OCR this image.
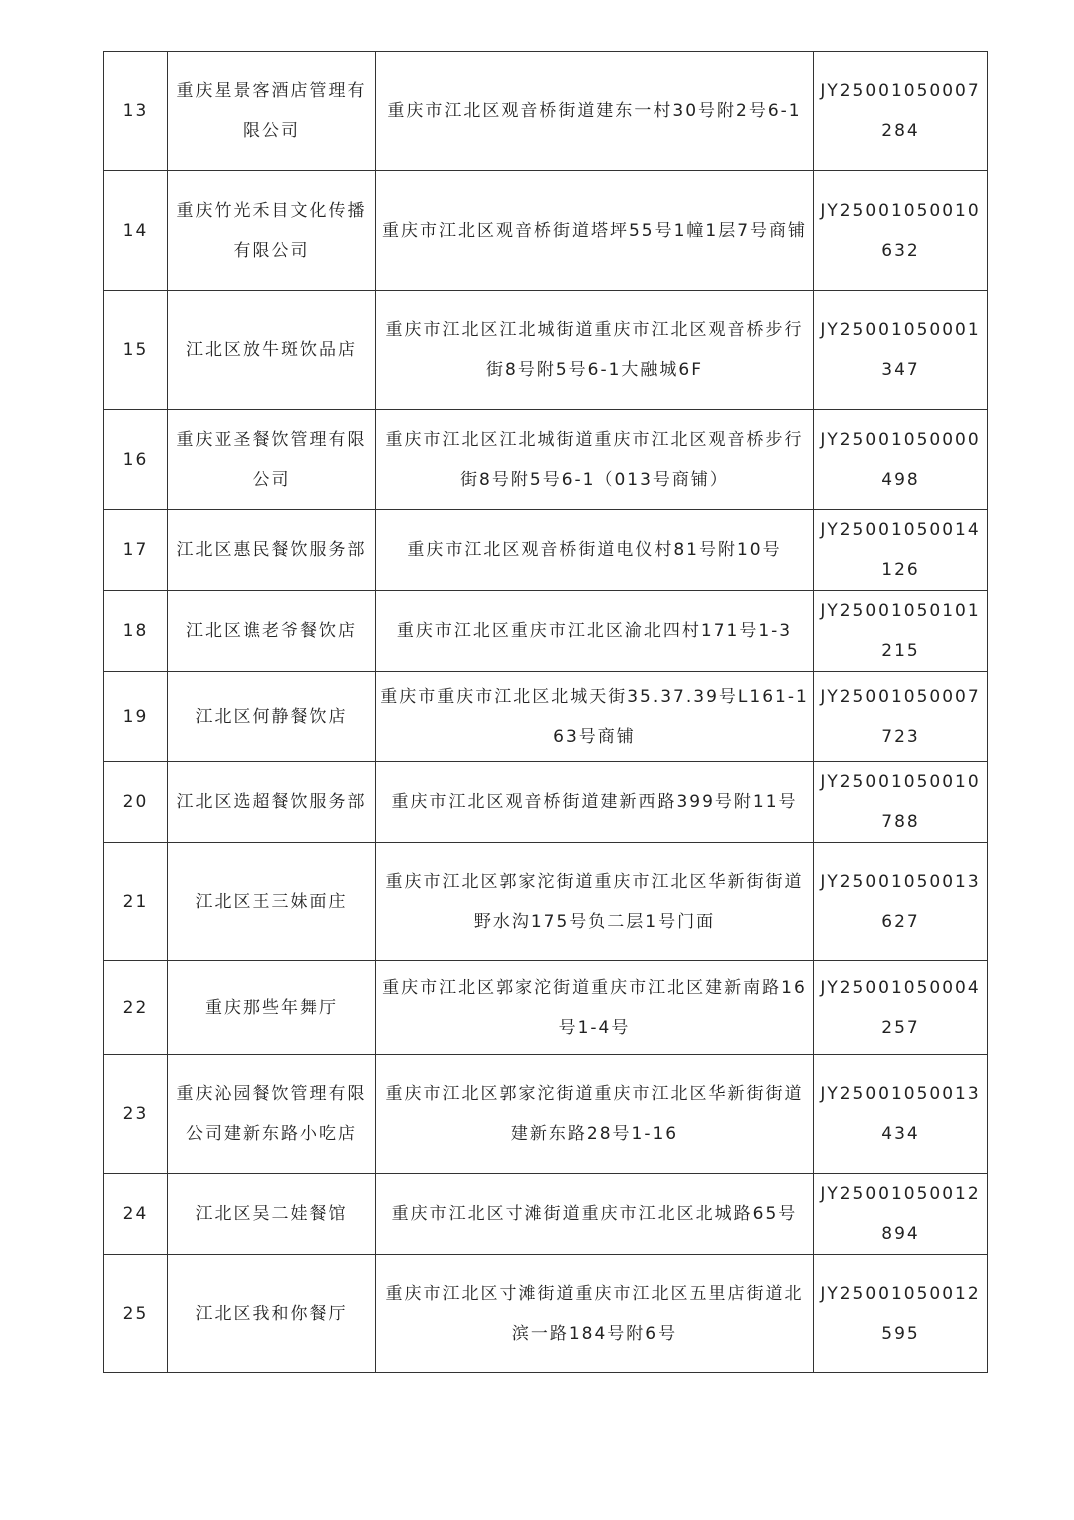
13	重庆星景客酒店管理有限公司	重庆市江北区观音桥街道建东一村30号附2号6-1	JY25001050007284
14	重庆竹光禾目文化传播有限公司	重庆市江北区观音桥街道塔坪55号1幢1层7号商铺	JY25001050010632
15	江北区放牛斑饮品店	重庆市江北区江北城街道重庆市江北区观音桥步行街8号附5号6-1大融城6F	JY25001050001347
16	重庆亚圣餐饮管理有限公司	重庆市江北区江北城街道重庆市江北区观音桥步行街8号附5号6-1（013号商铺）	JY25001050000498
17	江北区惠民餐饮服务部	重庆市江北区观音桥街道电仪村81号附10号	JY25001050014126
18	江北区谯老爷餐饮店	重庆市江北区重庆市江北区渝北四村171号1-3	JY25001050101215
19	江北区何静餐饮店	重庆市重庆市江北区北城天街35.37.39号L161-163号商铺	JY25001050007723
20	江北区选超餐饮服务部	重庆市江北区观音桥街道建新西路399号附11号	JY25001050010788
21	江北区王三妹面庄	重庆市江北区郭家沱街道重庆市江北区华新街街道野水沟175号负二层1号门面	JY25001050013627
22	重庆那些年舞厅	重庆市江北区郭家沱街道重庆市江北区建新南路16号1-4号	JY25001050004257
23	重庆沁园餐饮管理有限公司建新东路小吃店	重庆市江北区郭家沱街道重庆市江北区华新街街道建新东路28号1-16	JY25001050013434
24	江北区吴二娃餐馆	重庆市江北区寸滩街道重庆市江北区北城路65号	JY25001050012894
25	江北区我和你餐厅	重庆市江北区寸滩街道重庆市江北区五里店街道北滨一路184号附6号	JY25001050012595
